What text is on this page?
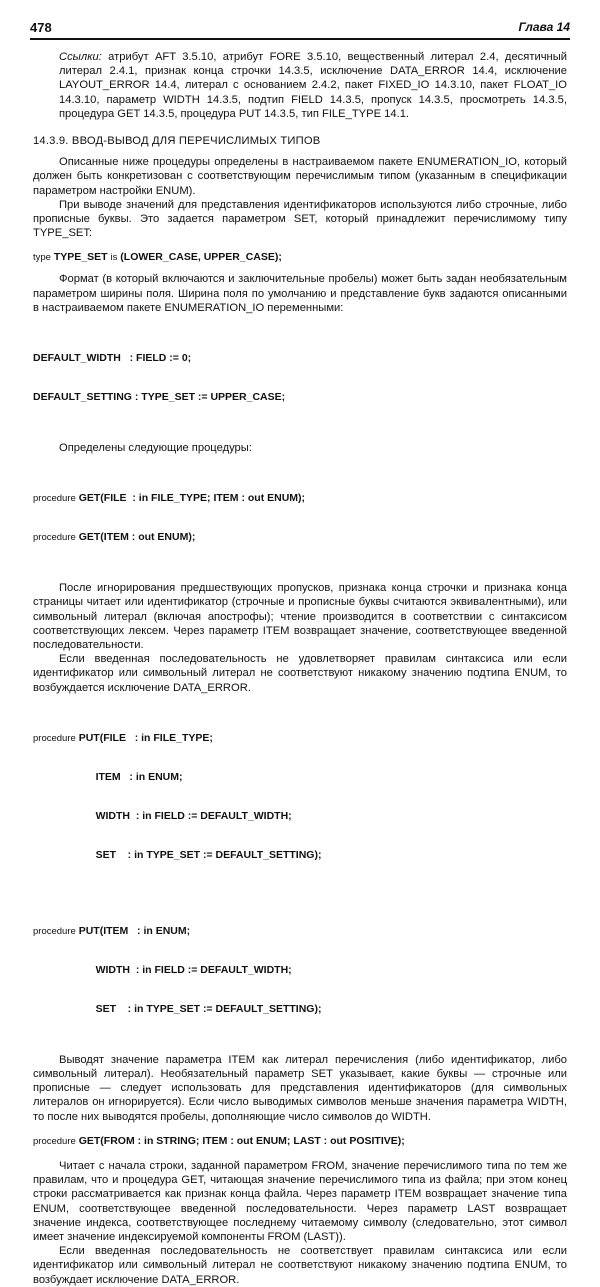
478	Глава 14

Ссылки: атрибут AFT 3.5.10, атрибут FORE 3.5.10, вещественный литерал 2.4, десятичный литерал 2.4.1, признак конца строчки 14.3.5, исключение DATA_ERROR 14.4, исключение LAYOUT_ERROR 14.4, литерал с основанием 2.4.2, пакет FIXED_IO 14.3.10, пакет FLOAT_IO 14.3.10, параметр WIDTH 14.3.5, подтип FIELD 14.3.5, пропуск 14.3.5, просмотреть 14.3.5, процедура GET 14.3.5, процедура PUT 14.3.5, тип FILE_TYPE 14.1.

14.3.9. ВВОД-ВЫВОД ДЛЯ ПЕРЕЧИСЛИМЫХ ТИПОВ

Описанные ниже процедуры определены в настраиваемом пакете ENUMERATION_IO, который должен быть конкретизован с соответствующим перечислимым типом (указанным в спецификации параметром настройки ENUM).

При выводе значений для представления идентификаторов используются либо строчные, либо прописные буквы. Это задается параметром SET, который принадлежит перечислимому типу TYPE_SET:

type TYPE_SET is (LOWER_CASE, UPPER_CASE);

Формат (в который включаются и заключительные пробелы) может быть задан необязательным параметром ширины поля. Ширина поля по умолчанию и представление букв задаются описанными в настраиваемом пакете ENUMERATION_IO переменными:

DEFAULT_WIDTH   : FIELD := 0;

DEFAULT_SETTING : TYPE_SET := UPPER_CASE;

Определены следующие процедуры:

procedure GET(FILE  : in FILE_TYPE; ITEM : out ENUM);

procedure GET(ITEM : out ENUM);

После игнорирования предшествующих пропусков, признака конца строчки и признака конца страницы читает или идентификатор (строчные и прописные буквы считаются эквивалентными), или символьный литерал (включая апострофы); чтение производится в соответствии с синтаксисом соответствующих лексем. Через параметр ITEM возвращает значение, соответствующее введенной последовательности.

Если введенная последовательность не удовлетворяет правилам синтаксиса или если идентификатор или символьный литерал не соответствуют никакому значению подтипа ENUM, то возбуждается исключение DATA_ERROR.

procedure PUT(FILE   : in FILE_TYPE;

ITEM   : in ENUM;

WIDTH  : in FIELD := DEFAULT_WIDTH;

SET    : in TYPE_SET := DEFAULT_SETTING);

procedure PUT(ITEM   : in ENUM;

WIDTH  : in FIELD := DEFAULT_WIDTH;

SET    : in TYPE_SET := DEFAULT_SETTING);

Выводят значение параметра ITEM как литерал перечисления (либо идентификатор, либо символьный литерал). Необязательный параметр SET указывает, какие буквы — строчные или прописные — следует использовать для представления идентификаторов (для символьных литералов он игнорируется). Если число выводимых символов меньше значения параметра WIDTH, то после них выводятся пробелы, дополняющие число символов до WIDTH.

procedure GET(FROM : in STRING; ITEM : out ENUM; LAST : out POSITIVE);

Читает с начала строки, заданной параметром FROM, значение перечислимого типа по тем же правилам, что и процедура GET, читающая значение перечислимого типа из файла; при этом конец строки рассматривается как признак конца файла. Через параметр ITEM возвращает значение типа ENUM, соответствующее введенной последовательности. Через параметр LAST возвращает значение индекса, соответствующее последнему читаемому символу (следовательно, этот символ имеет значение индексируемой компоненты FROM (LAST)).

Если введенная последовательность не соответствует правилам синтаксиса или если идентификатор или символьный литерал не соответствуют никакому значению подтипа ENUM, то возбуждает исключение DATA_ERROR.
